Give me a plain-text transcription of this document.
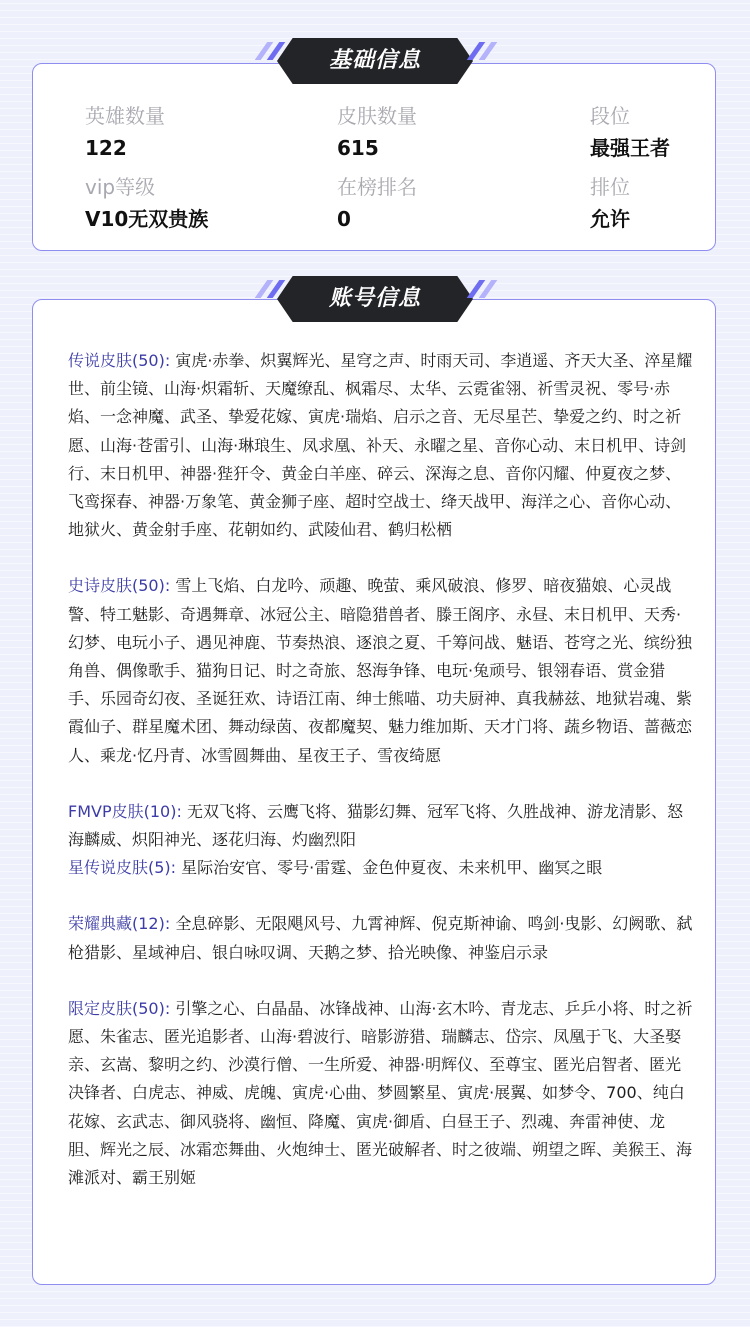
英雄数量
122
皮肤数量
615
段位
最强王者
vip等级
V10无双贵族
在榜排名
0
排位
允许
基础信息
传说皮肤(50): 寅虎·赤拳、炽翼辉光、星穹之声、时雨天司、李逍遥、齐天大圣、淬星耀世、前尘镜、山海·炽霜斩、天魔缭乱、枫霜尽、太华、云霓雀翎、祈雪灵祝、零号·赤焰、一念神魔、武圣、挚爱花嫁、寅虎·瑞焰、启示之音、无尽星芒、挚爱之约、时之祈愿、山海·苍雷引、山海·琳琅生、凤求凰、补天、永曜之星、音你心动、末日机甲、诗剑行、末日机甲、神器·狴犴令、黄金白羊座、碎云、深海之息、音你闪耀、仲夏夜之梦、飞鸾探春、神器·万象笔、黄金狮子座、超时空战士、绛天战甲、海洋之心、音你心动、地狱火、黄金射手座、花朝如约、武陵仙君、鹤归松栖
史诗皮肤(50): 雪上飞焰、白龙吟、顽趣、晚萤、乘风破浪、修罗、暗夜猫娘、心灵战警、特工魅影、奇遇舞章、冰冠公主、暗隐猎兽者、滕王阁序、永昼、末日机甲、天秀·幻梦、电玩小子、遇见神鹿、节奏热浪、逐浪之夏、千筹问战、魅语、苍穹之光、缤纷独角兽、偶像歌手、猫狗日记、时之奇旅、怒海争锋、电玩·兔顽号、银翎春语、赏金猎手、乐园奇幻夜、圣诞狂欢、诗语江南、绅士熊喵、功夫厨神、真我赫兹、地狱岩魂、紫霞仙子、群星魔术团、舞动绿茵、夜都魔契、魅力维加斯、天才门将、蔬乡物语、蔷薇恋人、乘龙·忆丹青、冰雪圆舞曲、星夜王子、雪夜绮愿
FMVP皮肤(10): 无双飞将、云鹰飞将、猫影幻舞、冠军飞将、久胜战神、游龙清影、怒海麟威、炽阳神光、逐花归海、灼幽烈阳
星传说皮肤(5): 星际治安官、零号·雷霆、金色仲夏夜、未来机甲、幽冥之眼
荣耀典藏(12): 全息碎影、无限飓风号、九霄神辉、倪克斯神谕、鸣剑·曳影、幻阙歌、弑枪猎影、星域神启、银白咏叹调、天鹅之梦、拾光映像、神鉴启示录
限定皮肤(50): 引擎之心、白晶晶、冰锋战神、山海·玄木吟、青龙志、乒乒小将、时之祈愿、朱雀志、匿光追影者、山海·碧波行、暗影游猎、瑞麟志、岱宗、凤凰于飞、大圣娶亲、玄嵩、黎明之约、沙漠行僧、一生所爱、神器·明辉仪、至尊宝、匿光启智者、匿光决锋者、白虎志、神威、虎魄、寅虎·心曲、梦圆繁星、寅虎·展翼、如梦令、700、纯白花嫁、玄武志、御风骁将、幽恒、降魔、寅虎·御盾、白昼王子、烈魂、奔雷神使、龙胆、辉光之辰、冰霜恋舞曲、火炮绅士、匿光破解者、时之彼端、朔望之晖、美猴王、海滩派对、霸王别姬
账号信息
